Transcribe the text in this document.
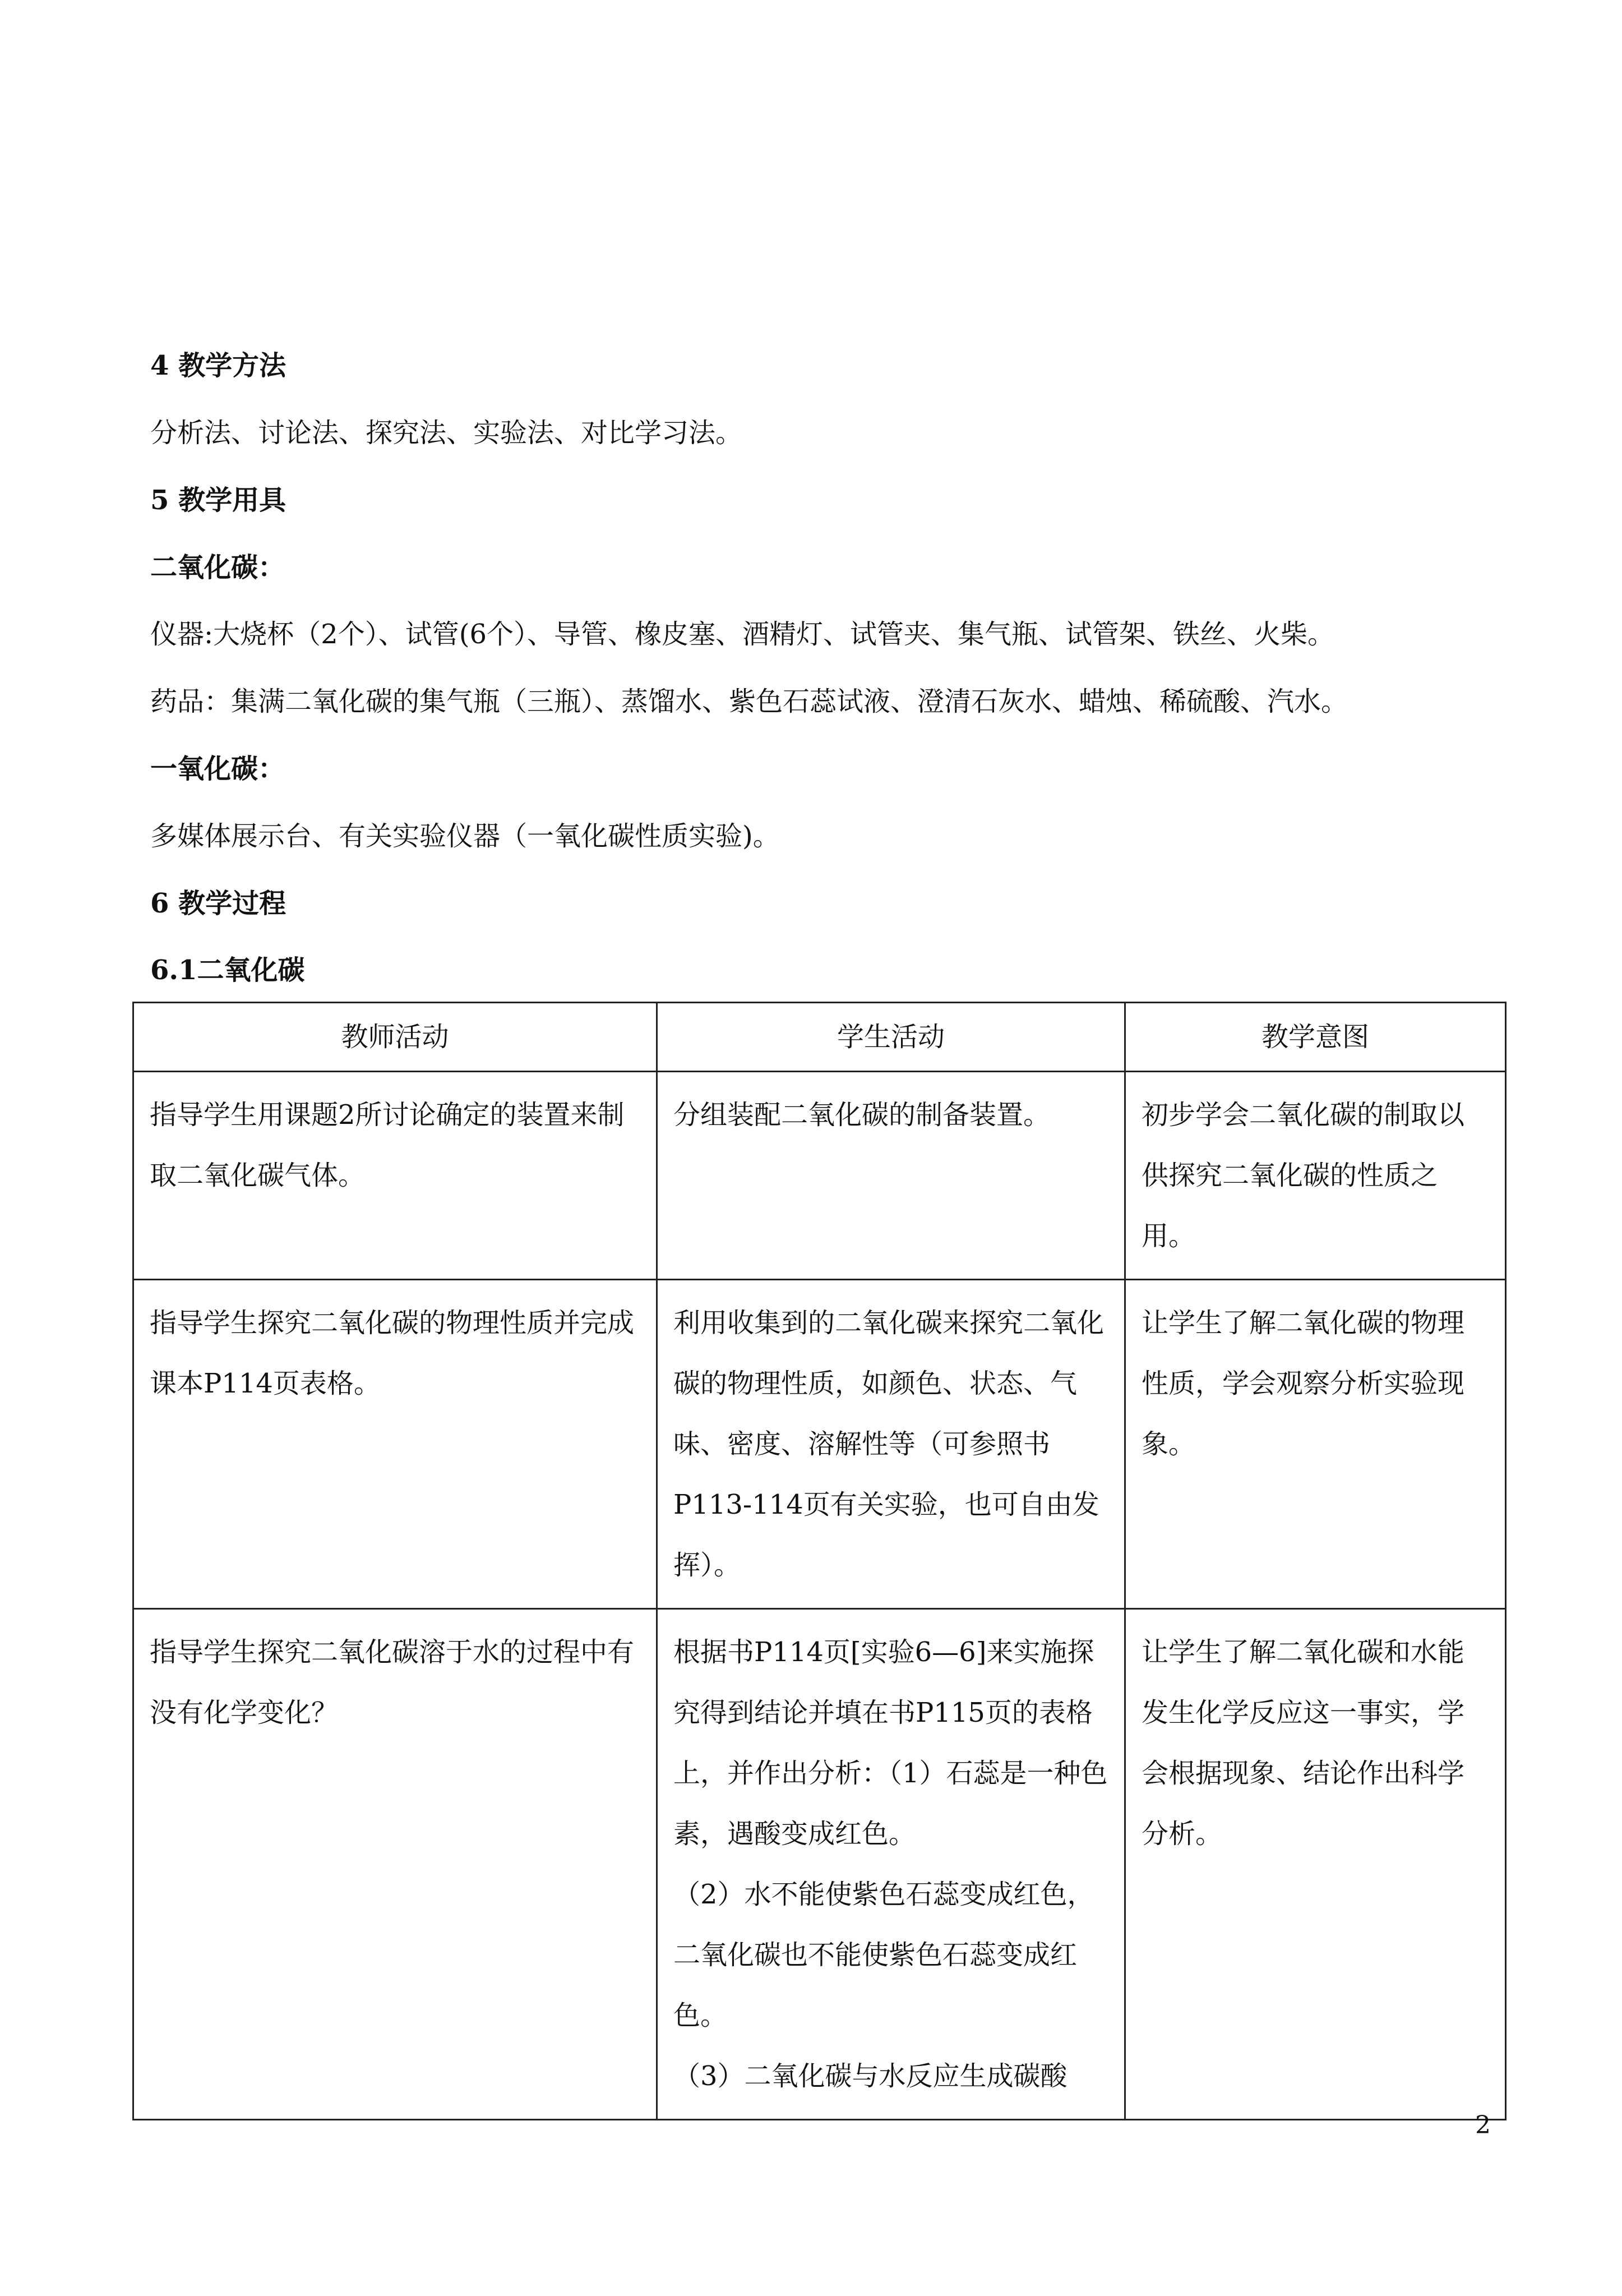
4 教学方法

分析法、讨论法、探究法、实验法、对比学习法。

5 教学用具

二氧化碳：

仪器:大烧杯（2个）、试管(6个）、导管、橡皮塞、酒精灯、试管夹、集气瓶、试管架、铁丝、火柴。

药品：集满二氧化碳的集气瓶（三瓶）、蒸馏水、紫色石蕊试液、澄清石灰水、蜡烛、稀硫酸、汽水。

一氧化碳：

多媒体展示台、有关实验仪器（一氧化碳性质实验)。

6 教学过程

6.1二氧化碳

教师活动	学生活动	教学意图
指导学生用课题2所讨论确定的装置来制取二氧化碳气体。	分组装配二氧化碳的制备装置。	初步学会二氧化碳的制取以供探究二氧化碳的性质之用。
指导学生探究二氧化碳的物理性质并完成课本P114页表格。	利用收集到的二氧化碳来探究二氧化碳的物理性质，如颜色、状态、气味、密度、溶解性等（可参照书P113-114页有关实验，也可自由发挥）。	让学生了解二氧化碳的物理性质，学会观察分析实验现象。
指导学生探究二氧化碳溶于水的过程中有没有化学变化？	根据书P114页[实验6—6]来实施探究得到结论并填在书P115页的表格上，并作出分析：（1）石蕊是一种色素，遇酸变成红色。

（2）水不能使紫色石蕊变成红色，二氧化碳也不能使紫色石蕊变成红色。

（3）二氧化碳与水反应生成碳酸	让学生了解二氧化碳和水能发生化学反应这一事实，学会根据现象、结论作出科学分析。
2
